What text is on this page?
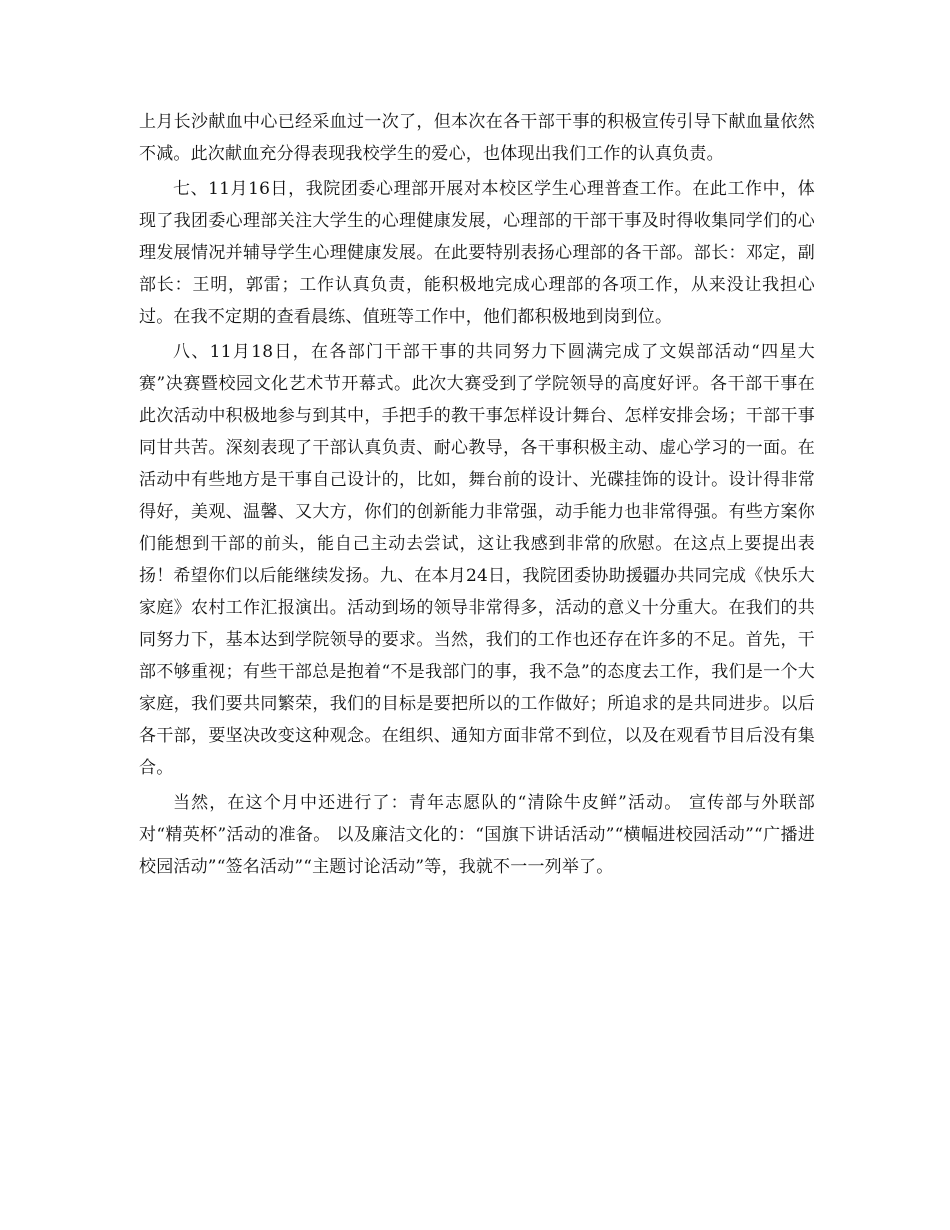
上月长沙献血中心已经采血过一次了，但本次在各干部干事的积极宣传引导下献血量依然不减。此次献血充分得表现我校学生的爱心，也体现出我们工作的认真负责。

七、11月16日，我院团委心理部开展对本校区学生心理普查工作。在此工作中，体现了我团委心理部关注大学生的心理健康发展，心理部的干部干事及时得收集同学们的心理发展情况并辅导学生心理健康发展。在此要特别表扬心理部的各干部。部长：邓定，副部长：王明，郭雷；工作认真负责，能积极地完成心理部的各项工作，从来没让我担心过。在我不定期的查看晨练、值班等工作中，他们都积极地到岗到位。

八、11月18日，在各部门干部干事的共同努力下圆满完成了文娱部活动“四星大赛”决赛暨校园文化艺术节开幕式。此次大赛受到了学院领导的高度好评。各干部干事在此次活动中积极地参与到其中，手把手的教干事怎样设计舞台、怎样安排会场；干部干事同甘共苦。深刻表现了干部认真负责、耐心教导，各干事积极主动、虚心学习的一面。在活动中有些地方是干事自己设计的，比如，舞台前的设计、光碟挂饰的设计。设计得非常得好，美观、温馨、又大方，你们的创新能力非常强，动手能力也非常得强。有些方案你们能想到干部的前头，能自己主动去尝试，这让我感到非常的欣慰。在这点上要提出表扬！希望你们以后能继续发扬。九、在本月24日，我院团委协助援疆办共同完成《快乐大家庭》农村工作汇报演出。活动到场的领导非常得多，活动的意义十分重大。在我们的共同努力下，基本达到学院领导的要求。当然，我们的工作也还存在许多的不足。首先，干部不够重视；有些干部总是抱着“不是我部门的事，我不急”的态度去工作，我们是一个大家庭，我们要共同繁荣，我们的目标是要把所以的工作做好；所追求的是共同进步。以后各干部，要坚决改变这种观念。在组织、通知方面非常不到位，以及在观看节目后没有集合。

当然，在这个月中还进行了：青年志愿队的“清除牛皮鲜”活动。 宣传部与外联部对“精英杯”活动的准备。 以及廉洁文化的：“国旗下讲话活动”“横幅进校园活动”“广播进校园活动”“签名活动”“主题讨论活动”等，我就不一一列举了。
